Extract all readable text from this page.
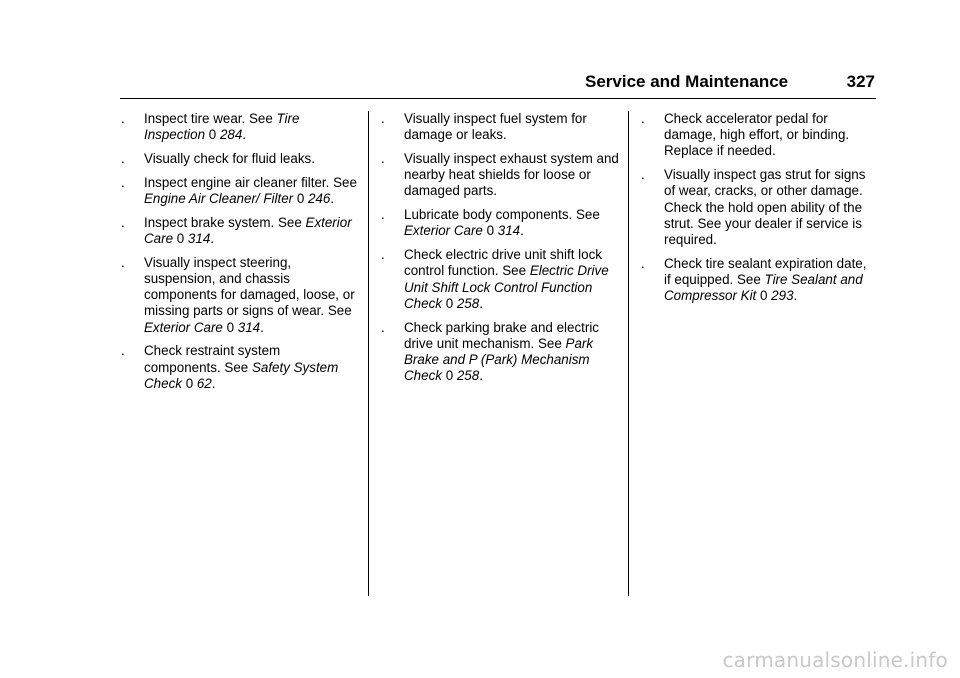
Service and Maintenance	327
. Inspect tire wear. See Tire Inspection 0 284.
. Visually check for fluid leaks.
. Inspect engine air cleaner filter. See Engine Air Cleaner/ Filter 0 246.
. Inspect brake system. See Exterior Care 0 314.
. Visually inspect steering, suspension, and chassis components for damaged, loose, or missing parts or signs of wear. See Exterior Care 0 314.
. Check restraint system components. See Safety System Check 0 62.
. Visually inspect fuel system for damage or leaks.
. Visually inspect exhaust system and nearby heat shields for loose or damaged parts.
. Lubricate body components. See Exterior Care 0 314.
. Check electric drive unit shift lock control function. See Electric Drive Unit Shift Lock Control Function Check 0 258.
. Check parking brake and electric drive unit mechanism. See Park Brake and P (Park) Mechanism Check 0 258.
. Check accelerator pedal for damage, high effort, or binding. Replace if needed.
. Visually inspect gas strut for signs of wear, cracks, or other damage. Check the hold open ability of the strut. See your dealer if service is required.
. Check tire sealant expiration date, if equipped. See Tire Sealant and Compressor Kit 0 293.
carmanualsonline.info
